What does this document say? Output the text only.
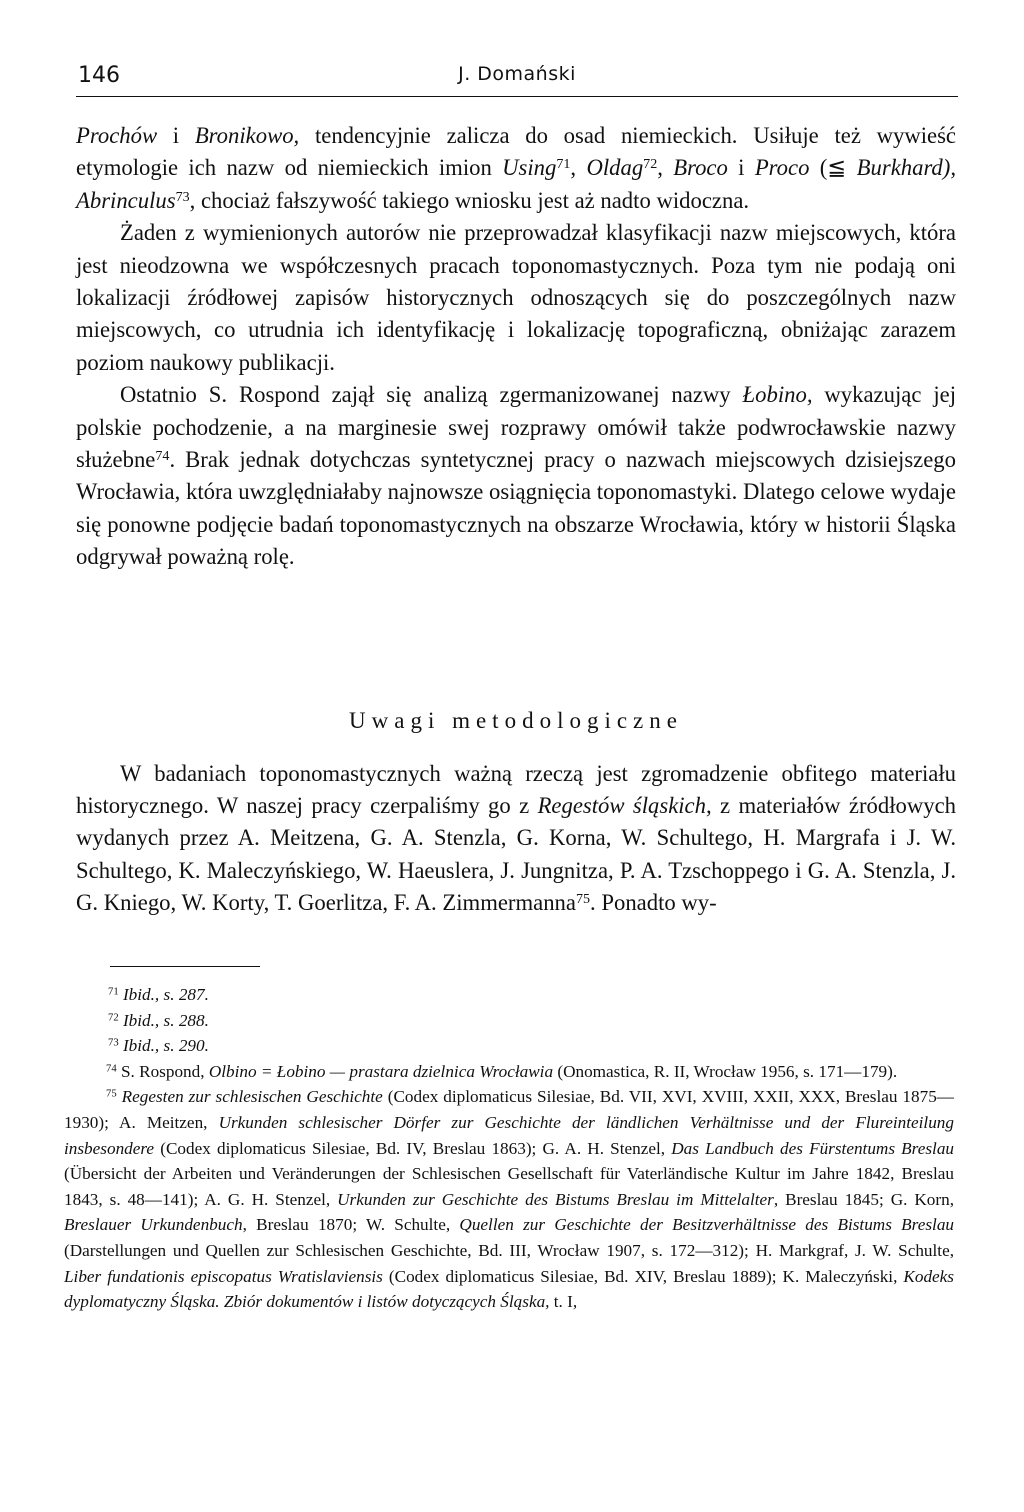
146	J. Domański

Prochów i Bronikowo, tendencyjnie zalicza do osad niemieckich. Usiłuje też wywieść etymologie ich nazw od niemieckich imion Using$^{71}$, Oldag$^{72}$, Broco i Proco (≦ Burkhard), Abrinculus$^{73}$, chociaż fałszywość takiego wniosku jest aż nadto widoczna.

Żaden z wymienionych autorów nie przeprowadzał klasyfikacji nazw miejscowych, która jest nieodzowna we współczesnych pracach toponomastycznych. Poza tym nie podają oni lokalizacji źródłowej zapisów historycznych odnoszących się do poszczególnych nazw miejscowych, co utrudnia ich identyfikację i lokalizację topograficzną, obniżając zarazem poziom naukowy publikacji.

Ostatnio S. Rospond zajął się analizą zgermanizowanej nazwy Łobino, wykazując jej polskie pochodzenie, a na marginesie swej rozprawy omówił także podwrocławskie nazwy służebne$^{74}$. Brak jednak dotychczas syntetycznej pracy o nazwach miejscowych dzisiejszego Wrocławia, która uwzględniałaby najnowsze osiągnięcia toponomastyki. Dlatego celowe wydaje się ponowne podjęcie badań toponomastycznych na obszarze Wrocławia, który w historii Śląska odgrywał poważną rolę.

Uwagi metodologiczne

W badaniach toponomastycznych ważną rzeczą jest zgromadzenie obfitego materiału historycznego. W naszej pracy czerpaliśmy go z Regestów śląskich, z materiałów źródłowych wydanych przez A. Meitzena, G. A. Stenzla, G. Korna, W. Schultego, H. Margrafa i J. W. Schultego, K. Maleczyńskiego, W. Haeuslera, J. Jungnitza, P. A. Tzschoppego i G. A. Stenzla, J. G. Kniego, W. Korty, T. Goerlitza, F. A. Zimmermanna$^{75}$. Ponadto wy-

$^{71}$ Ibid., s. 287.

$^{72}$ Ibid., s. 288.

$^{73}$ Ibid., s. 290.

$^{74}$ S. Rospond, Olbino = Łobino — prastara dzielnica Wrocławia (Onomastica, R. II, Wrocław 1956, s. 171—179).

$^{75}$ Regesten zur schlesischen Geschichte (Codex diplomaticus Silesiae, Bd. VII, XVI, XVIII, XXII, XXX, Breslau 1875—1930); A. Meitzen, Urkunden schlesischer Dörfer zur Geschichte der ländlichen Verhältnisse und der Flureinteilung insbesondere (Codex diplomaticus Silesiae, Bd. IV, Breslau 1863); G. A. H. Stenzel, Das Landbuch des Fürstentums Breslau (Übersicht der Arbeiten und Veränderungen der Schlesischen Gesellschaft für Vaterländische Kultur im Jahre 1842, Breslau 1843, s. 48—141); A. G. H. Stenzel, Urkunden zur Geschichte des Bistums Breslau im Mittelalter, Breslau 1845; G. Korn, Breslauer Urkundenbuch, Breslau 1870; W. Schulte, Quellen zur Geschichte der Besitzverhältnisse des Bistums Breslau (Darstellungen und Quellen zur Schlesischen Geschichte, Bd. III, Wrocław 1907, s. 172—312); H. Markgraf, J. W. Schulte, Liber fundationis episcopatus Wratislaviensis (Codex diplomaticus Silesiae, Bd. XIV, Breslau 1889); K. Maleczyński, Kodeks dyplomatyczny Śląska. Zbiór dokumentów i listów dotyczących Śląska, t. I,
